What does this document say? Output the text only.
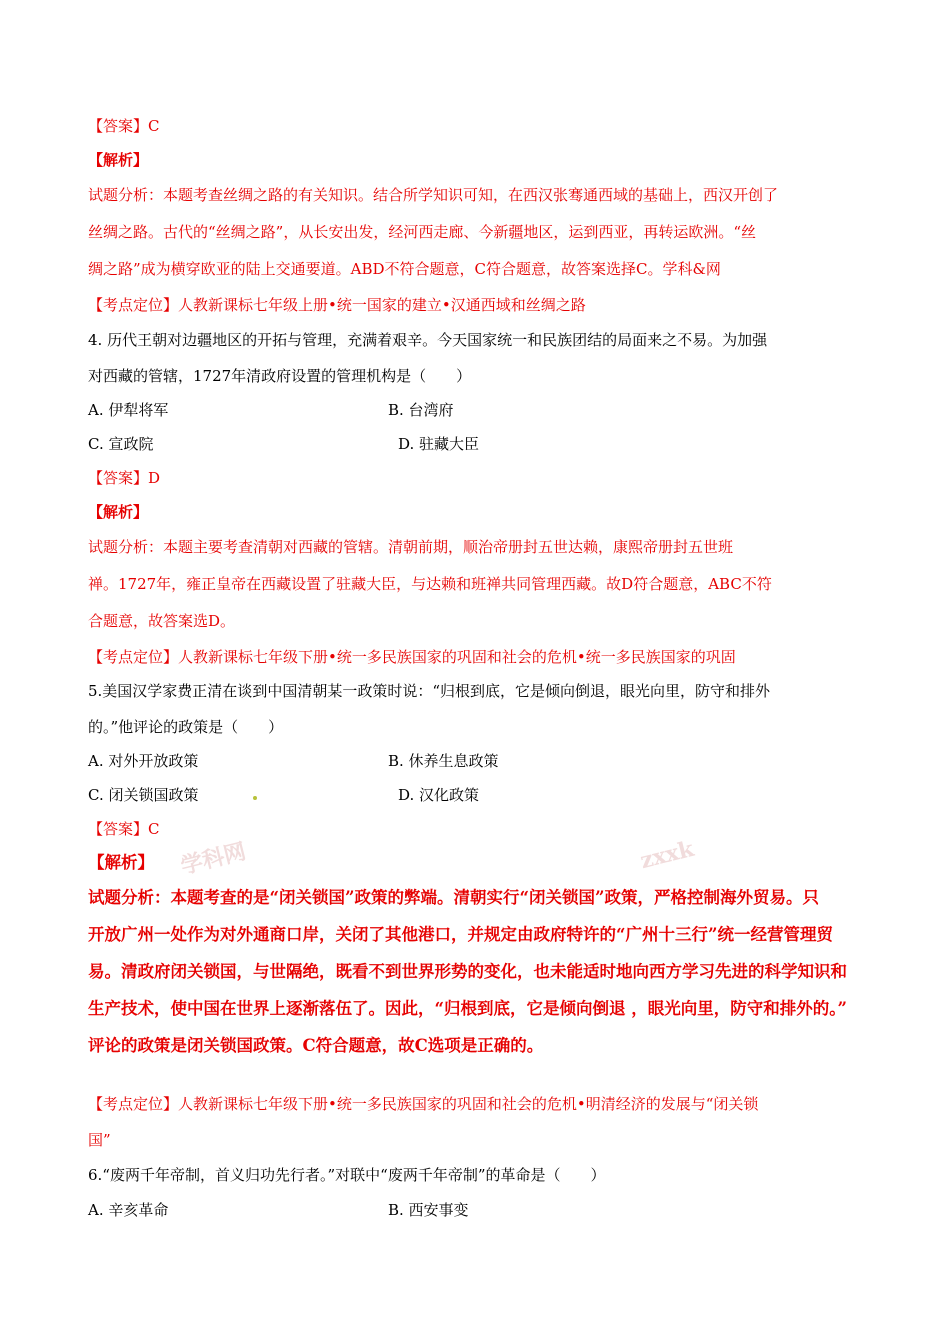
学科网	zxxk
【答案】C
【解析】
试题分析：本题考查丝绸之路的有关知识。结合所学知识可知，在西汉张骞通西域的基础上，西汉开创了
丝绸之路。古代的“丝绸之路”，从长安出发，经河西走廊、今新疆地区，运到西亚，再转运欧洲。“丝
绸之路”成为横穿欧亚的陆上交通要道。ABD不符合题意，C符合题意，故答案选择C。学科&网
【考点定位】人教新课标七年级上册•统一国家的建立•汉通西域和丝绸之路
4. 历代王朝对边疆地区的开拓与管理，充满着艰辛。今天国家统一和民族团结的局面来之不易。为加强
对西藏的管辖，1727年清政府设置的管理机构是（　　）
A. 伊犁将军	B. 台湾府
C. 宣政院	D. 驻藏大臣
【答案】D
【解析】
试题分析：本题主要考查清朝对西藏的管辖。清朝前期，顺治帝册封五世达赖，康熙帝册封五世班
禅。1727年，雍正皇帝在西藏设置了驻藏大臣，与达赖和班禅共同管理西藏。故D符合题意，ABC不符
合题意，故答案选D。
【考点定位】人教新课标七年级下册•统一多民族国家的巩固和社会的危机•统一多民族国家的巩固
5.美国汉学家费正清在谈到中国清朝某一政策时说：“归根到底，它是倾向倒退，眼光向里，防守和排外
的。”他评论的政策是（　　）
A. 对外开放政策	B. 休养生息政策
C. 闭关锁国政策	D. 汉化政策
【答案】C
【解析】
试题分析：本题考查的是“闭关锁国”政策的弊端。清朝实行“闭关锁国”政策，严格控制海外贸易。只
开放广州一处作为对外通商口岸，关闭了其他港口，并规定由政府特许的“广州十三行”统一经营管理贸
易。清政府闭关锁国，与世隔绝，既看不到世界形势的变化，也未能适时地向西方学习先进的科学知识和
生产技术，使中国在世界上逐渐落伍了。因此，“归根到底，它是倾向倒退 ，眼光向里，防守和排外的。”
评论的政策是闭关锁国政策。C符合题意，故C选项是正确的。
【考点定位】人教新课标七年级下册•统一多民族国家的巩固和社会的危机•明清经济的发展与“闭关锁
国”
6.“废两千年帝制，首义归功先行者。”对联中“废两千年帝制”的革命是（　　）
A. 辛亥革命	B. 西安事变
